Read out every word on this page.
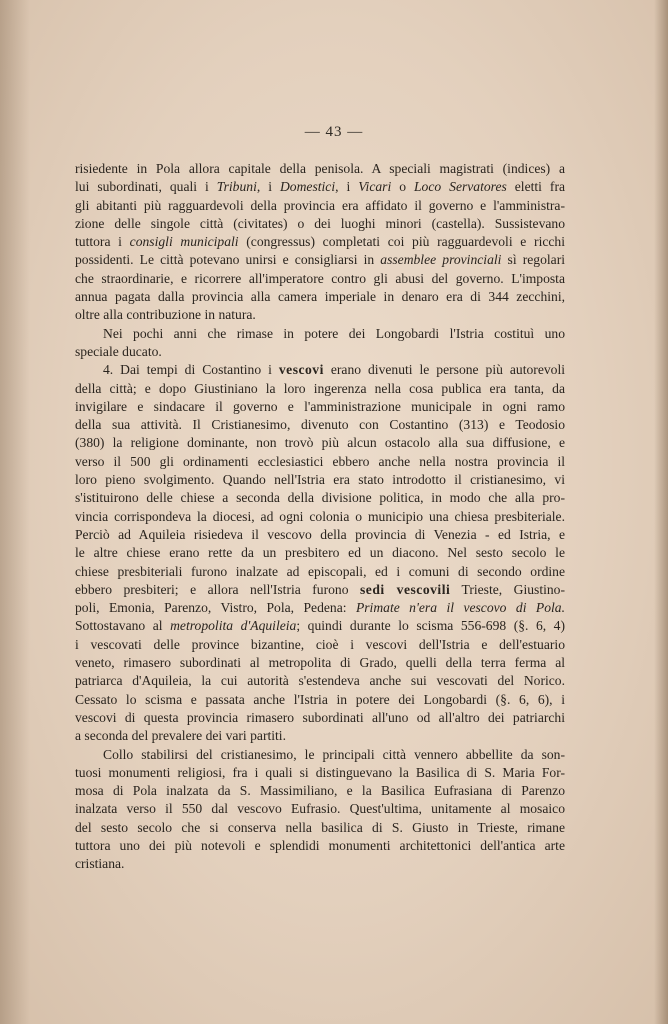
— 43 —
risiedente in Pola allora capitale della penisola. A speciali magistrati (indices) a
lui subordinati, quali i Tribuni, i Domestici, i Vicari o Loco Servatores eletti fra
gli abitanti più ragguardevoli della provincia era affidato il governo e l'amministra-
zione delle singole città (civitates) o dei luoghi minori (castella). Sussistevano
tuttora i consigli municipali (congressus) completati coi più ragguardevoli e ricchi
possidenti. Le città potevano unirsi e consigliarsi in assemblee provinciali sì regolari
che straordinarie, e ricorrere all'imperatore contro gli abusi del governo. L'imposta
annua pagata dalla provincia alla camera imperiale in denaro era di 344 zecchini,
oltre alla contribuzione in natura.
Nei pochi anni che rimase in potere dei Longobardi l'Istria costituì uno
speciale ducato.
4. Dai tempi di Costantino i vescovi erano divenuti le persone più autorevoli
della città; e dopo Giustiniano la loro ingerenza nella cosa publica era tanta, da
invigilare e sindacare il governo e l'amministrazione municipale in ogni ramo
della sua attività. Il Cristianesimo, divenuto con Costantino (313) e Teodosio
(380) la religione dominante, non trovò più alcun ostacolo alla sua diffusione, e
verso il 500 gli ordinamenti ecclesiastici ebbero anche nella nostra provincia il
loro pieno svolgimento. Quando nell'Istria era stato introdotto il cristianesimo, vi
s'istituirono delle chiese a seconda della divisione politica, in modo che alla pro-
vincia corrispondeva la diocesi, ad ogni colonia o municipio una chiesa presbiteriale.
Perciò ad Aquileia risiedeva il vescovo della provincia di Venezia - ed Istria, e
le altre chiese erano rette da un presbitero ed un diacono. Nel sesto secolo le
chiese presbiteriali furono inalzate ad episcopali, ed i comuni di secondo ordine
ebbero presbiteri; e allora nell'Istria furono sedi vescovili Trieste, Giustino-
poli, Emonia, Parenzo, Vistro, Pola, Pedena: Primate n'era il vescovo di Pola.
Sottostavano al metropolita d'Aquileia; quindi durante lo scisma 556-698 (§. 6, 4)
i vescovati delle province bizantine, cioè i vescovi dell'Istria e dell'estuario
veneto, rimasero subordinati al metropolita di Grado, quelli della terra ferma al
patriarca d'Aquileia, la cui autorità s'estendeva anche sui vescovati del Norico.
Cessato lo scisma e passata anche l'Istria in potere dei Longobardi (§. 6, 6), i
vescovi di questa provincia rimasero subordinati all'uno od all'altro dei patriarchi
a seconda del prevalere dei vari partiti.
Collo stabilirsi del cristianesimo, le principali città vennero abbellite da son-
tuosi monumenti religiosi, fra i quali si distinguevano la Basilica di S. Maria For-
mosa di Pola inalzata da S. Massimiliano, e la Basilica Eufrasiana di Parenzo
inalzata verso il 550 dal vescovo Eufrasio. Quest'ultima, unitamente al mosaico
del sesto secolo che si conserva nella basilica di S. Giusto in Trieste, rimane
tuttora uno dei più notevoli e splendidi monumenti architettonici dell'antica arte
cristiana.
